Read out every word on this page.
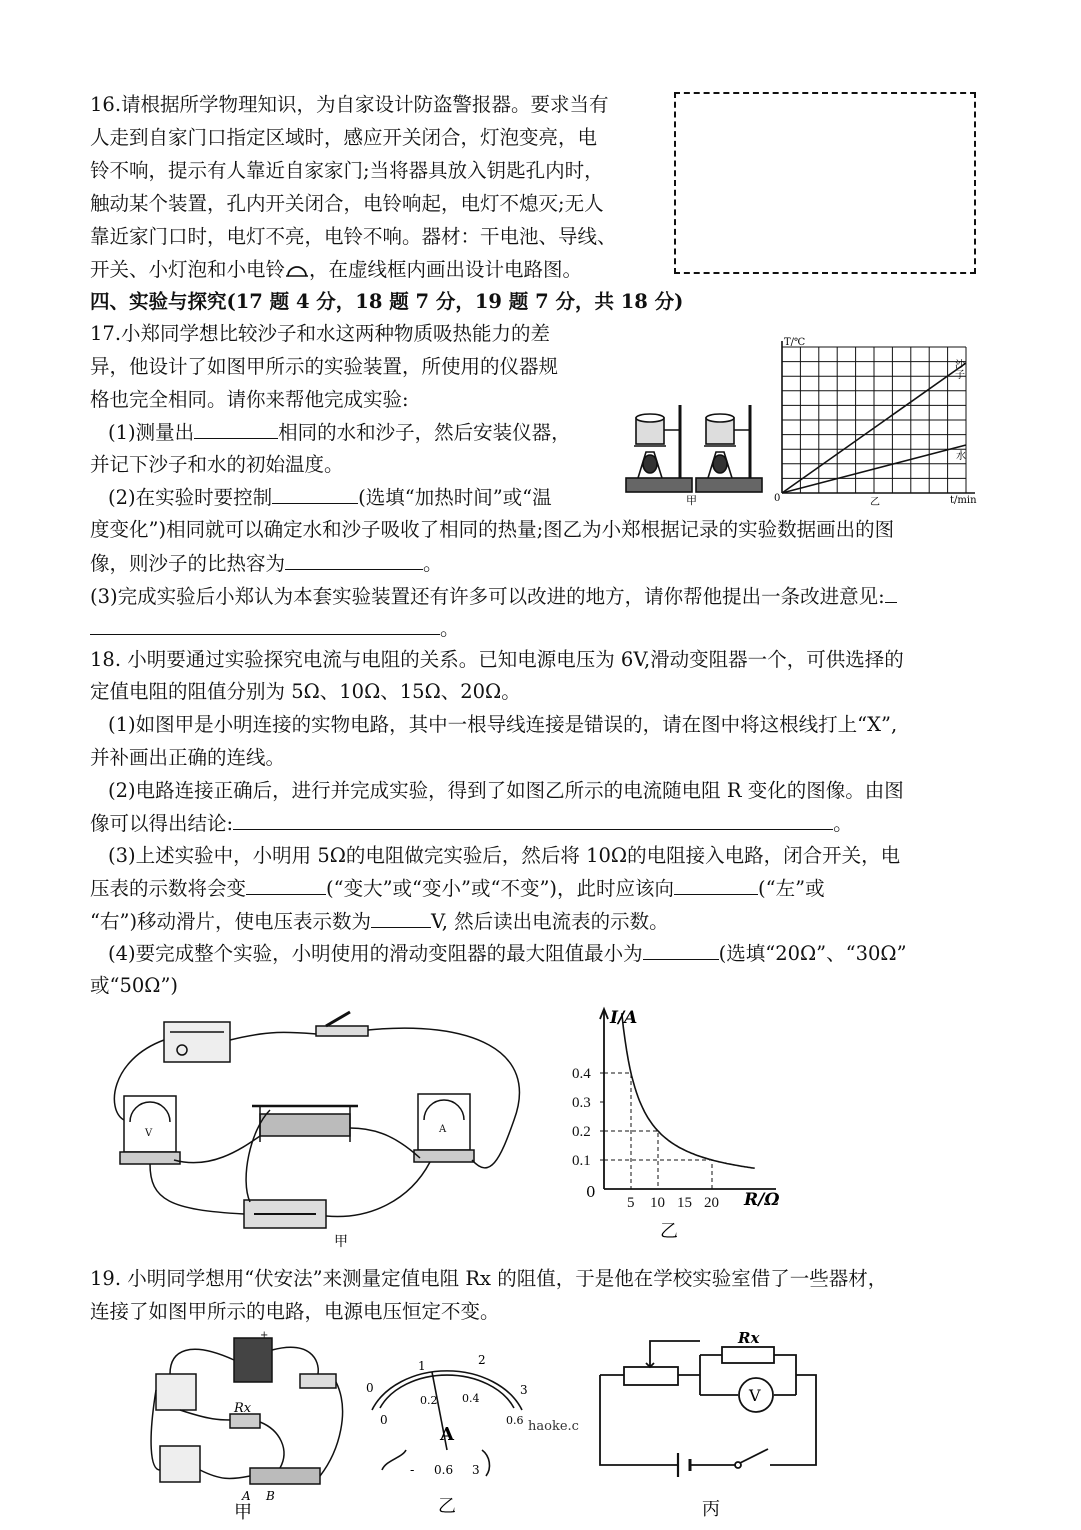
16.请根据所学物理知识，为自家设计防盗警报器。要求当有
人走到自家门口指定区域时，感应开关闭合，灯泡变亮，电
铃不响，提示有人靠近自家家门;当将器具放入钥匙孔内时，
触动某个装置，孔内开关闭合，电铃响起，电灯不熄灭;无人
靠近家门口时，电灯不亮，电铃不响。器材：干电池、导线、
开关、小灯泡和小电铃 ，在虚线框内画出设计电路图。
四、实验与探究(17 题 4 分，18 题 7 分，19 题 7 分，共 18 分)
17.小郑同学想比较沙子和水这两种物质吸热能力的差
异，他设计了如图甲所示的实验装置，所使用的仪器规
格也完全相同。请你来帮他完成实验:
(1)测量出	相同的水和沙子，然后安装仪器，
并记下沙子和水的初始温度。
(2)在实验时要控制	(选填“加热时间”或“温
度变化”)相同就可以确定水和沙子吸收了相同的热量;图乙为小郑根据记录的实验数据画出的图
像，则沙子的比热容为	。
(3)完成实验后小郑认为本套实验装置还有许多可以改进的地方，请你帮他提出一条改进意见:
。
甲
T/℃
t/min
0
沙子
水
乙
18. 小明要通过实验探究电流与电阻的关系。已知电源电压为 6V,滑动变阻器一个，可供选择的
定值电阻的阻值分别为 5Ω、10Ω、15Ω、20Ω。
(1)如图甲是小明连接的实物电路，其中一根导线连接是错误的，请在图中将这根线打上“X”,
并补画出正确的连线。
(2)电路连接正确后，进行并完成实验，得到了如图乙所示的电流随电阻 R 变化的图像。由图
像可以得出结论:	。
(3)上述实验中，小明用 5Ω的电阻做完实验后，然后将 10Ω的电阻接入电路，闭合开关，电
压表的示数将会变	(“变大”或“变小”或“不变”)，此时应该向	(“左”或
“右”)移动滑片，使电压表示数为	V, 然后读出电流表的示数。
(4)要完成整个实验，小明使用的滑动变阻器的最大阻值最小为	(选填“20Ω”、“30Ω”
或“50Ω”)
V	A
甲
0.1
0.2
0.3
0.4
5 10 15 20
I/A
R/Ω
0
乙
19. 小明同学想用“伏安法”来测量定值电阻 Rx 的阻值，于是他在学校实验室借了一些器材，
连接了如图甲所示的电路，电源电压恒定不变。
+
Rx
A B
甲
0
1	2
3
0
0.2 0.4
0.6
A
- 0.6 3
haoke.c
乙
Rx
V
丙
